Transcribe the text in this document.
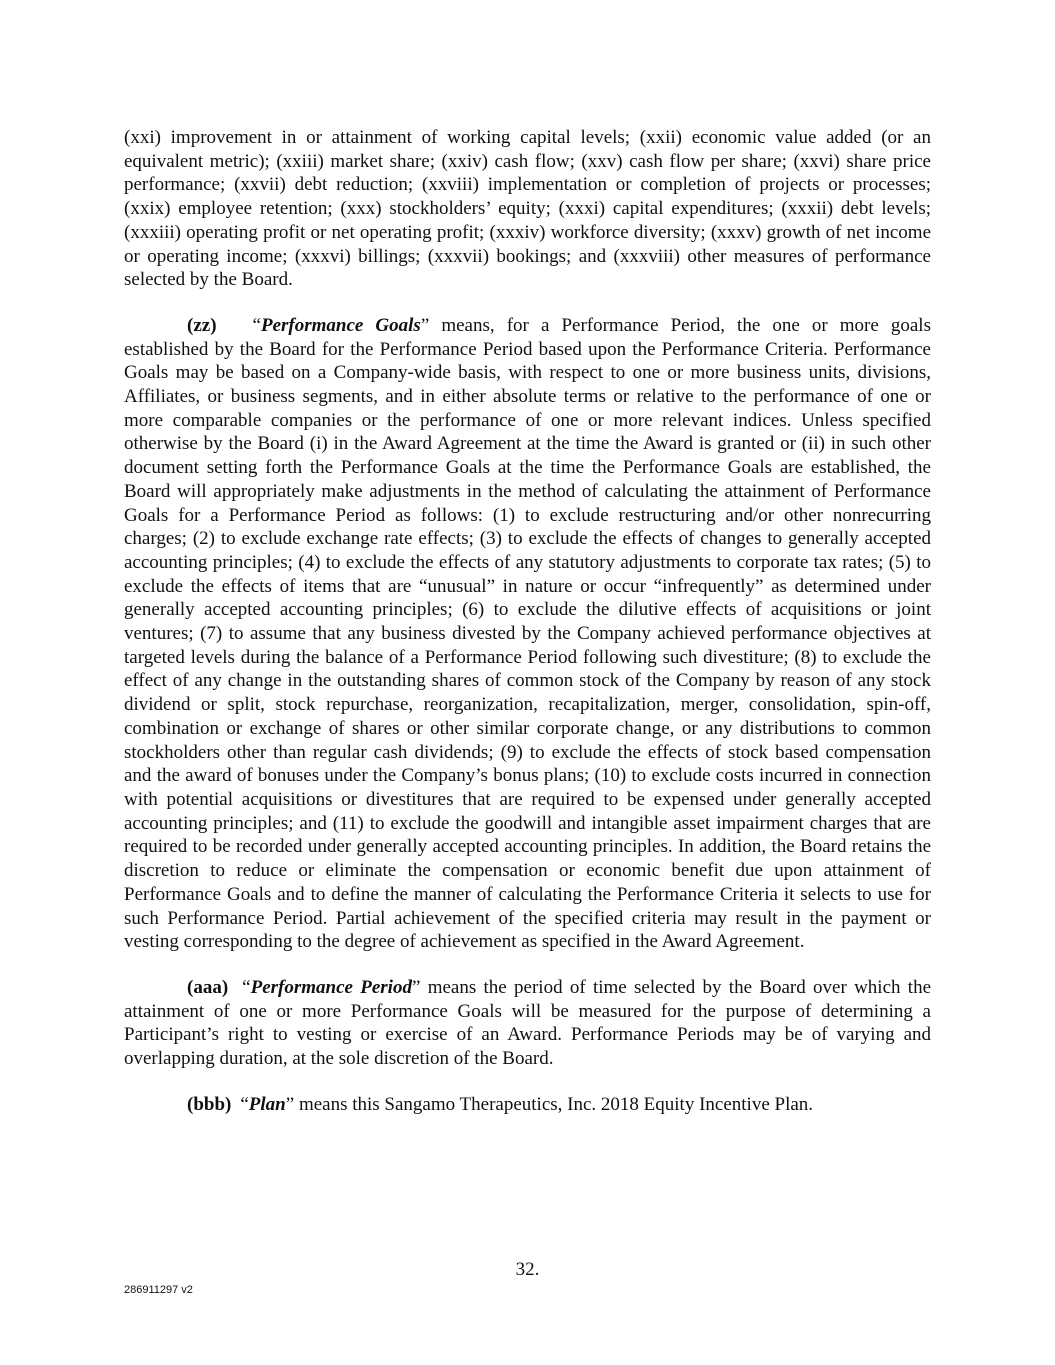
(xxi) improvement in or attainment of working capital levels; (xxii) economic value added (or an equivalent metric); (xxiii) market share; (xxiv) cash flow; (xxv) cash flow per share; (xxvi) share price performance; (xxvii) debt reduction; (xxviii) implementation or completion of projects or processes; (xxix) employee retention; (xxx) stockholders’ equity; (xxxi) capital expenditures; (xxxii) debt levels; (xxxiii) operating profit or net operating profit; (xxxiv) workforce diversity; (xxxv) growth of net income or operating income; (xxxvi) billings; (xxxvii) bookings; and (xxxviii) other measures of performance selected by the Board.

(zz) “Performance Goals” means, for a Performance Period, the one or more goals established by the Board for the Performance Period based upon the Performance Criteria. Performance Goals may be based on a Company-wide basis, with respect to one or more business units, divisions, Affiliates, or business segments, and in either absolute terms or relative to the performance of one or more comparable companies or the performance of one or more relevant indices. Unless specified otherwise by the Board (i) in the Award Agreement at the time the Award is granted or (ii) in such other document setting forth the Performance Goals at the time the Performance Goals are established, the Board will appropriately make adjustments in the method of calculating the attainment of Performance Goals for a Performance Period as follows: (1) to exclude restructuring and/or other nonrecurring charges; (2) to exclude exchange rate effects; (3) to exclude the effects of changes to generally accepted accounting principles; (4) to exclude the effects of any statutory adjustments to corporate tax rates; (5) to exclude the effects of items that are “unusual” in nature or occur “infrequently” as determined under generally accepted accounting principles; (6) to exclude the dilutive effects of acquisitions or joint ventures; (7) to assume that any business divested by the Company achieved performance objectives at targeted levels during the balance of a Performance Period following such divestiture; (8) to exclude the effect of any change in the outstanding shares of common stock of the Company by reason of any stock dividend or split, stock repurchase, reorganization, recapitalization, merger, consolidation, spin-off, combination or exchange of shares or other similar corporate change, or any distributions to common stockholders other than regular cash dividends; (9) to exclude the effects of stock based compensation and the award of bonuses under the Company’s bonus plans; (10) to exclude costs incurred in connection with potential acquisitions or divestitures that are required to be expensed under generally accepted accounting principles; and (11) to exclude the goodwill and intangible asset impairment charges that are required to be recorded under generally accepted accounting principles. In addition, the Board retains the discretion to reduce or eliminate the compensation or economic benefit due upon attainment of Performance Goals and to define the manner of calculating the Performance Criteria it selects to use for such Performance Period. Partial achievement of the specified criteria may result in the payment or vesting corresponding to the degree of achievement as specified in the Award Agreement.

(aaa) “Performance Period” means the period of time selected by the Board over which the attainment of one or more Performance Goals will be measured for the purpose of determining a Participant’s right to vesting or exercise of an Award. Performance Periods may be of varying and overlapping duration, at the sole discretion of the Board.

(bbb) “Plan” means this Sangamo Therapeutics, Inc. 2018 Equity Incentive Plan.

32.
286911297 v2
